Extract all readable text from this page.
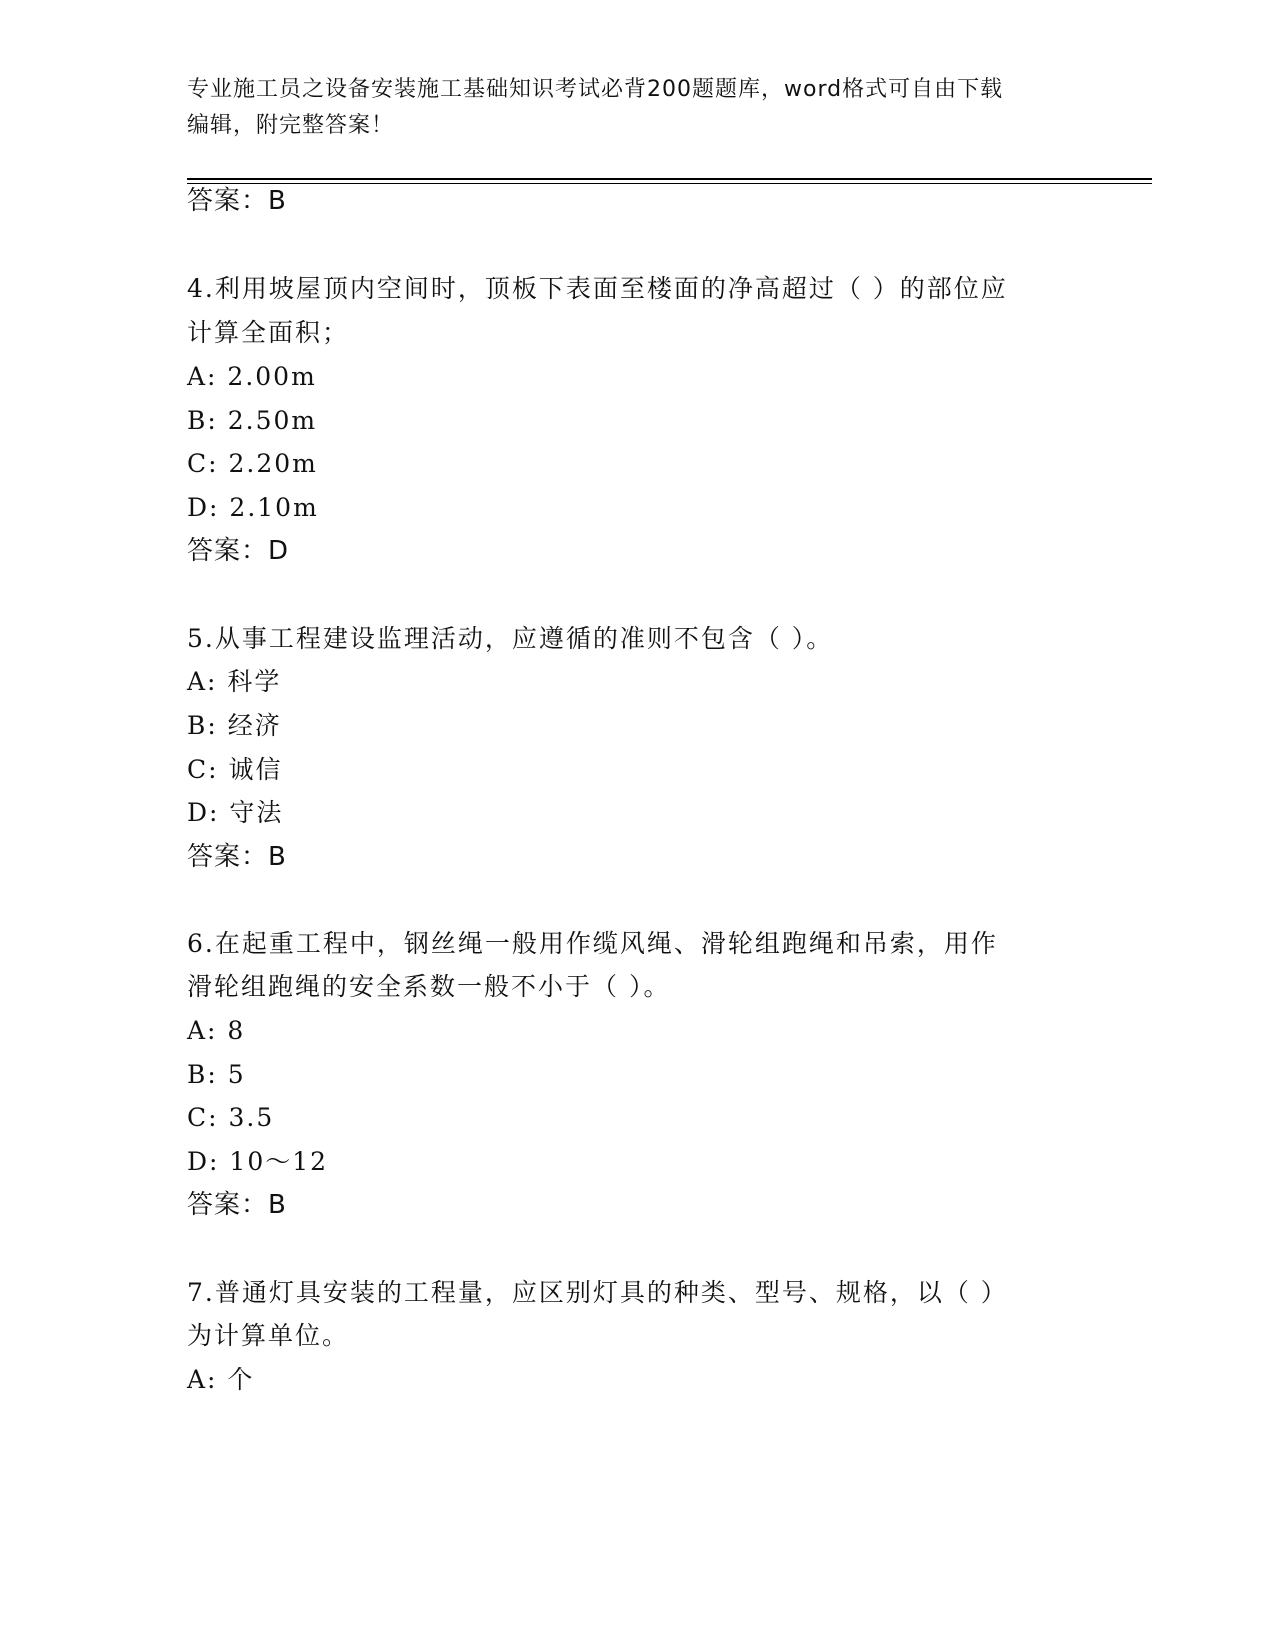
专业施工员之设备安装施工基础知识考试必背200题题库，word格式可自由下载
编辑，附完整答案！
答案：B
4.利用坡屋顶内空间时，顶板下表面至楼面的净高超过（ ）的部位应
计算全面积；
A: 2.00m
B: 2.50m
C: 2.20m
D: 2.10m
答案：D
5.从事工程建设监理活动，应遵循的准则不包含（ ）。
A: 科学
B: 经济
C: 诚信
D: 守法
答案：B
6.在起重工程中，钢丝绳一般用作缆风绳、滑轮组跑绳和吊索，用作
滑轮组跑绳的安全系数一般不小于（ ）。
A: 8
B: 5
C: 3.5
D: 10～12
答案：B
7.普通灯具安装的工程量，应区别灯具的种类、型号、规格，以（ ）
为计算单位。
A: 个
